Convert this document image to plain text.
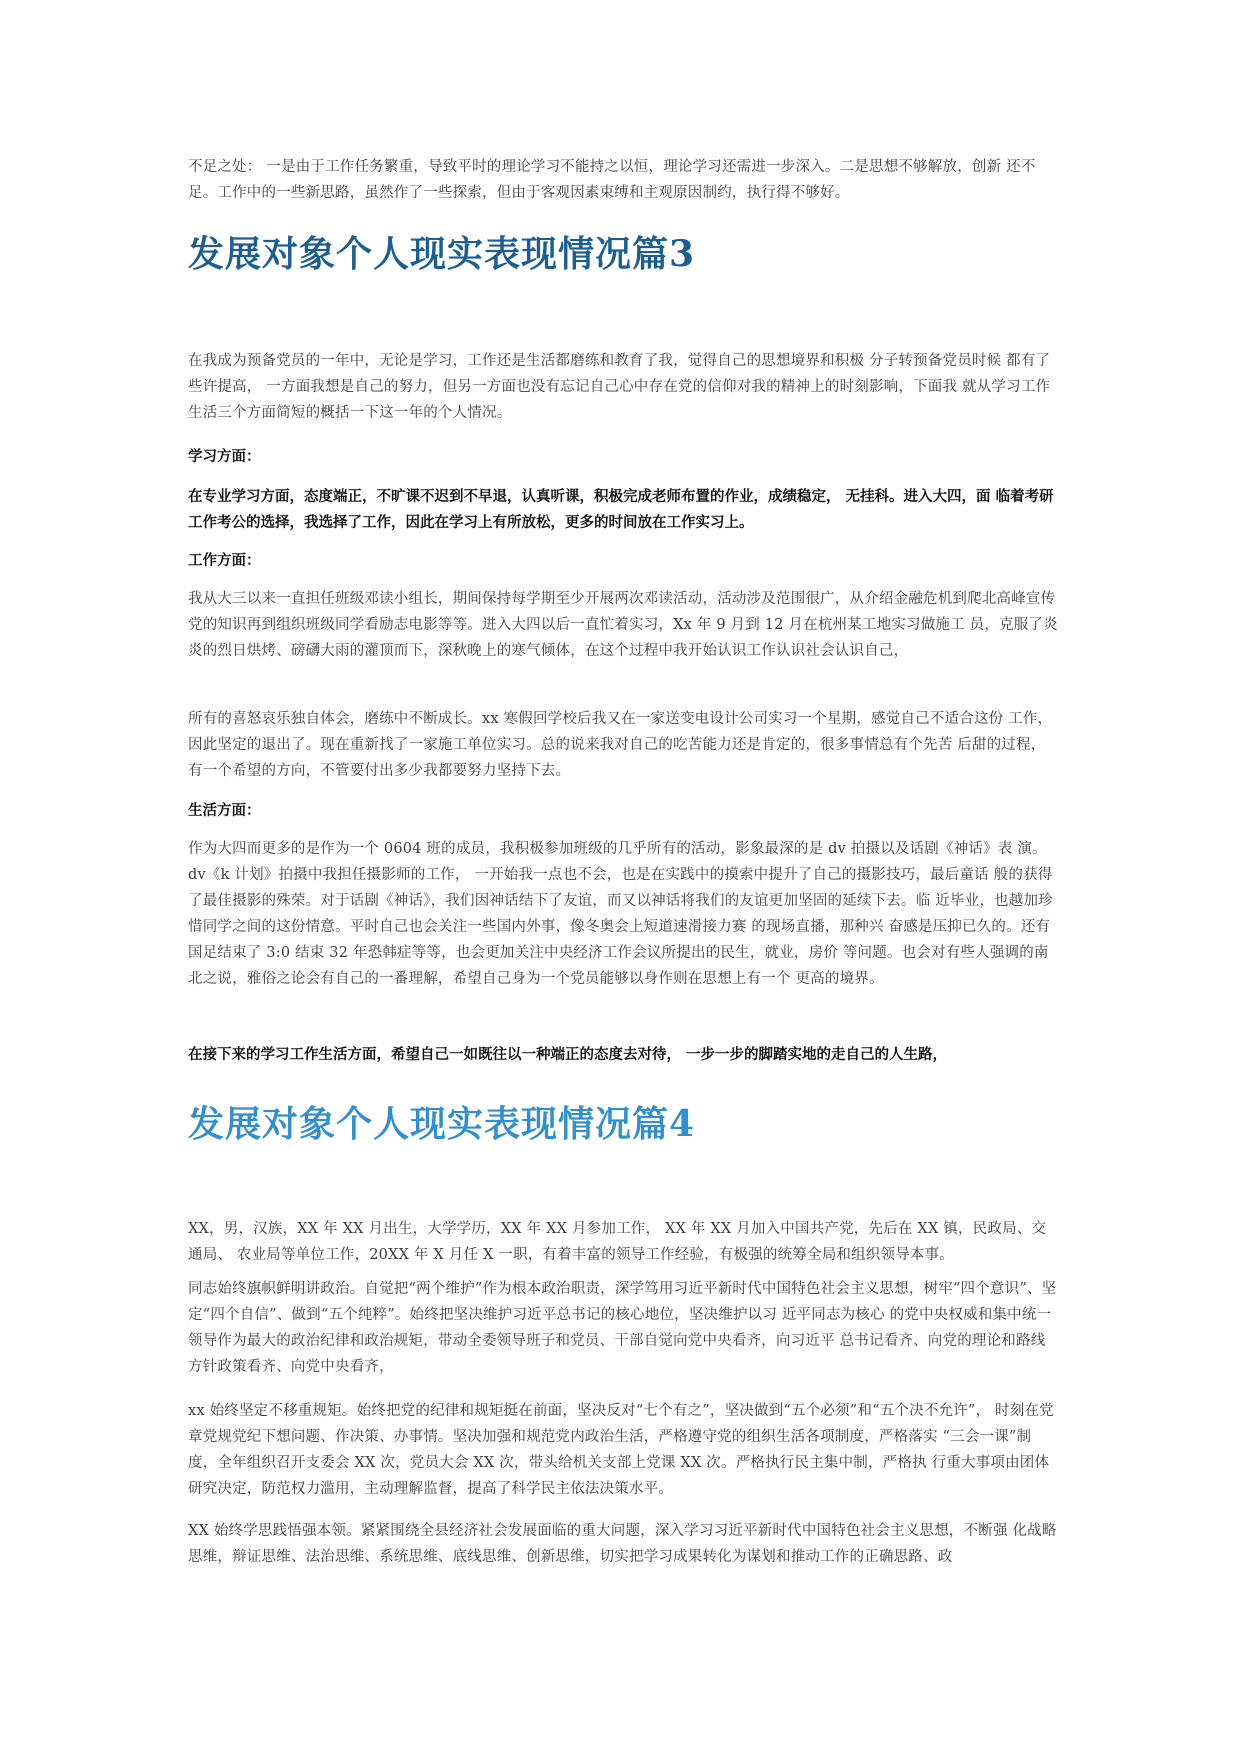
不足之处： 一是由于工作任务繁重，导致平时的理论学习不能持之以恒，理论学习还需进一步深入。二是思想不够解放，创新 还不足。工作中的一些新思路，虽然作了一些探索，但由于客观因素束缚和主观原因制约，执行得不够好。

发展对象个人现实表现情况篇3

在我成为预备党员的一年中，无论是学习，工作还是生活都磨练和教育了我，觉得自己的思想境界和积极 分子转预备党员时候 都有了些许提高， 一方面我想是自己的努力，但另一方面也没有忘记自己心中存在党的信仰对我的精神上的时刻影响，下面我 就从学习工作生活三个方面简短的概括一下这一年的个人情况。

学习方面：

在专业学习方面，态度端正，不旷课不迟到不早退，认真听课，积极完成老师布置的作业，成绩稳定， 无挂科。进入大四，面 临着考研工作考公的选择，我选择了工作，因此在学习上有所放松，更多的时间放在工作实习上。

工作方面：

我从大三以来一直担任班级邓读小组长，期间保持每学期至少开展两次邓读活动，活动涉及范围很广，从介绍金融危机到爬北高峰宣传党的知识再到组织班级同学看励志电影等等。进入大四以后一直忙着实习，Xx 年 9 月到 12 月在杭州某工地实习做施工 员，克服了炎炎的烈日烘烤、磅礴大雨的灌顶而下，深秋晚上的寒气倾体，在这个过程中我开始认识工作认识社会认识自己，

所有的喜怒哀乐独自体会，磨练中不断成长。xx 寒假回学校后我又在一家送变电设计公司实习一个星期，感觉自己不适合这份 工作，因此坚定的退出了。现在重新找了一家施工单位实习。总的说来我对自己的吃苦能力还是肯定的，很多事情总有个先苦 后甜的过程，有一个希望的方向，不管要付出多少我都要努力坚持下去。

生活方面：

作为大四而更多的是作为一个 0604 班的成员，我积极参加班级的几乎所有的活动，影象最深的是 dv 拍摄以及话剧《神话》表 演。dv《k 计划》拍摄中我担任摄影师的工作， 一开始我一点也不会，也是在实践中的摸索中提升了自己的摄影技巧，最后童话 般的获得了最佳摄影的殊荣。对于话剧《神话》，我们因神话结下了友谊，而又以神话将我们的友谊更加坚固的延续下去。临 近毕业，也越加珍惜同学之间的这份情意。平时自己也会关注一些国内外事，像冬奥会上短道速滑接力赛 的现场直播，那种兴 奋感是压抑已久的。还有国足结束了 3:0 结束 32 年恐韩症等等，也会更加关注中央经济工作会议所提出的民生，就业，房价 等问题。也会对有些人强调的南北之说，雅俗之论会有自己的一番理解，希望自己身为一个党员能够以身作则在思想上有一个 更高的境界。

在接下来的学习工作生活方面，希望自己一如既往以一种端正的态度去对待， 一步一步的脚踏实地的走自己的人生路，

发展对象个人现实表现情况篇4

XX，男，汉族，XX 年 XX 月出生，大学学历，XX 年 XX 月参加工作， XX 年 XX 月加入中国共产党，先后在 XX 镇，民政局、交通局、 农业局等单位工作，20XX 年 X 月任 X 一职，有着丰富的领导工作经验，有极强的统筹全局和组织领导本事。

同志始终旗帜鲜明讲政治。自觉把“两个维护”作为根本政治职责，深学笃用习近平新时代中国特色社会主义思想，树牢“四个意识”、坚定“四个自信”、做到“五个纯粹”。始终把坚决维护习近平总书记的核心地位，坚决维护以习 近平同志为核心 的党中央权威和集中统一领导作为最大的政治纪律和政治规矩，带动全委领导班子和党员、干部自觉向党中央看齐，向习近平 总书记看齐、向党的理论和路线方针政策看齐、向党中央看齐，

xx 始终坚定不移重规矩。始终把党的纪律和规矩挺在前面，坚决反对“七个有之”，坚决做到“五个必须”和“五个决不允许”， 时刻在党章党规党纪下想问题、作决策、办事情。坚决加强和规范党内政治生活，严格遵守党的组织生活各项制度，严格落实 “三会一课”制度，全年组织召开支委会 XX 次，党员大会 XX 次，带头给机关支部上党课 XX 次。严格执行民主集中制，严格执 行重大事项由团体研究决定，防范权力滥用，主动理解监督，提高了科学民主依法决策水平。

XX 始终学思践悟强本领。紧紧围绕全县经济社会发展面临的重大问题，深入学习习近平新时代中国特色社会主义思想，不断强 化战略思维，辩证思维、法治思维、系统思维、底线思维、创新思维，切实把学习成果转化为谋划和推动工作的正确思路、政
